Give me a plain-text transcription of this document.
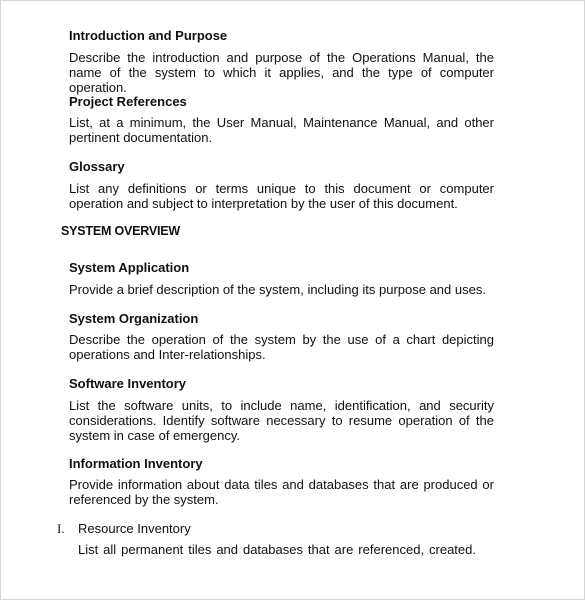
Introduction and Purpose

Describe the introduction and purpose of the Operations Manual, the name of the system to which it applies, and the type of computer operation.

Project References

List, at a minimum, the User Manual, Maintenance Manual, and other pertinent documentation.

Glossary

List any definitions or terms unique to this document or computer operation and subject to interpretation by the user of this document.

SYSTEM OVERVIEW

System Application

Provide a brief description of the system, including its purpose and uses.

System Organization

Describe the operation of the system by the use of a chart depicting operations and Inter-relationships.

Software Inventory

List the software units, to include name, identification, and security considerations. Identify software necessary to resume operation of the system in case of emergency.

Information Inventory

Provide information about data tiles and databases that are produced or referenced by the system.

I. Resource Inventory

List all permanent tiles and databases that are referenced, created.
